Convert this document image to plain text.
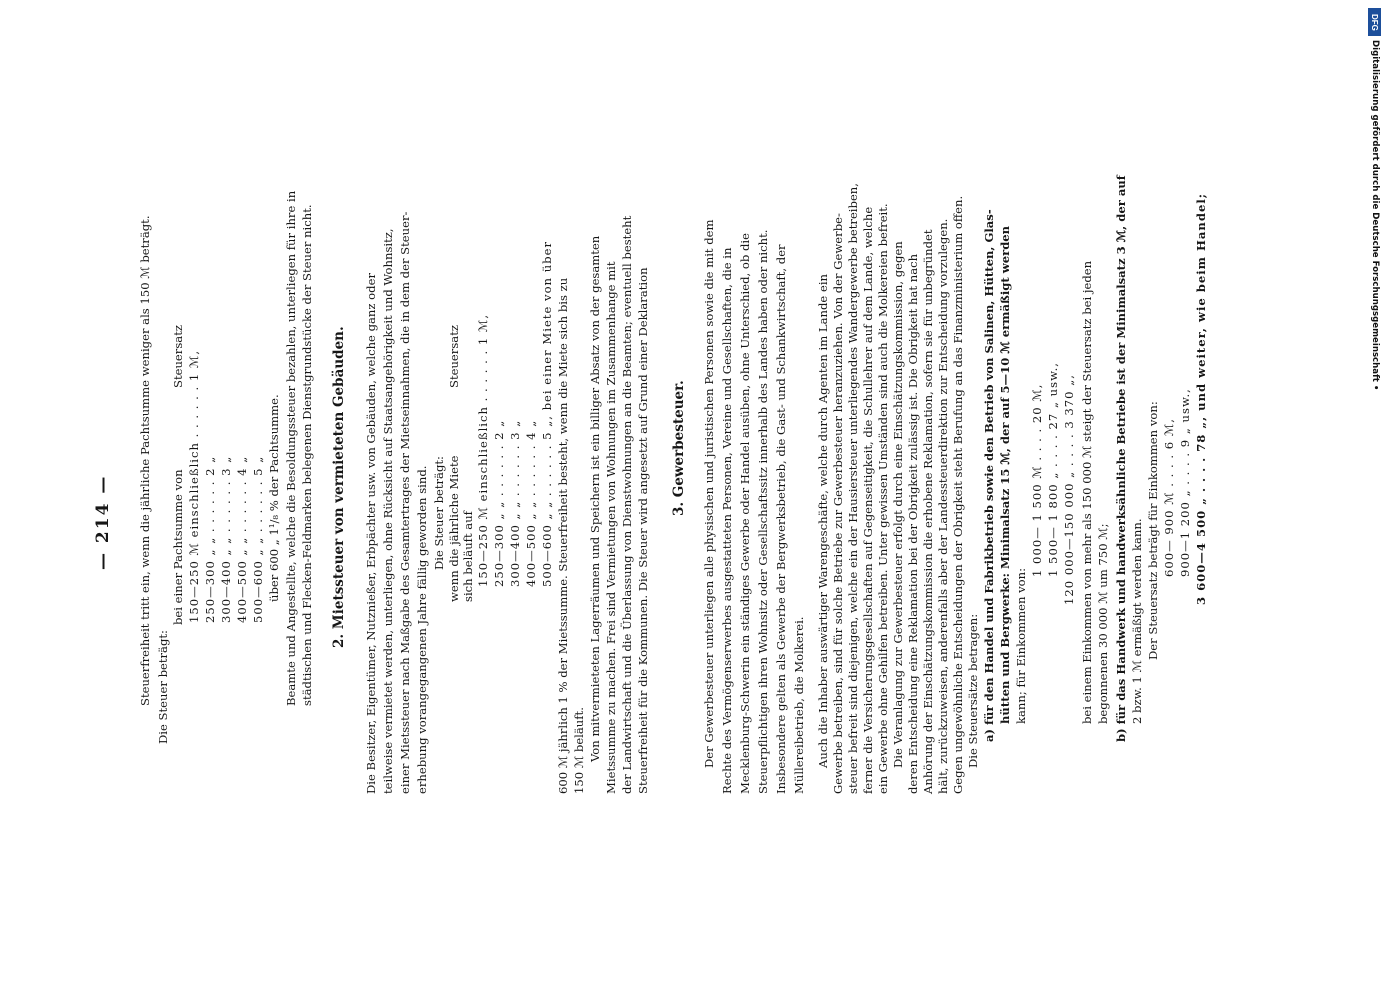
— 214 — Steuerfreiheit tritt ein, wenn die jährliche Pachtsumme weniger als 150 ℳ beträgt. Die Steuer beträgt:
bei einer Pachtsumme von
Steuersatz 150—250 ℳ einschließlich . . . . . . 1 ℳ, 250—300 „ „ . . . . . . 2 „ 300—400 „ „ . . . . . . 3 „ 400—500 „ „ . . . . . . 4 „ 500—600 „ „ . . . . . . 5 „ über 600 „ 1¹/₈ % der Pachtsumme. Beamte und Angestellte, welche die Besoldungssteuer bezahlen, unterliegen für ihre in städtischen und Flecken-Feldmarken belegenen Dienstgrundstücke der Steuer nicht. 2. Mietssteuer von vermieteten Gebäuden. Die Besitzer, Eigentümer, Nutznießer, Erbpächter usw. von Gebäuden, welche ganz oder teilweise vermietet werden, unterliegen, ohne Rücksicht auf Staatsangehörigkeit und Wohnsitz, einer Mietssteuer nach Maßgabe des Gesamtertrages der Mietseinnahmen, die in dem der Steuer- erhebung vorangegangenen Jahre fällig geworden sind. Die Steuer beträgt: wenn die jährliche Miete sich beläuft auf
Steuersatz 150—250 ℳ einschließlich . . . . . . 1 ℳ, 250—300 „ „ . . . . . . 2 „ 300—400 „ „ . . . . . . 3 „ 400—500 „ „ . . . . . . 4 „ 500—600 „ „ . . . . . . 5 „, bei einer Miete von über 600 ℳ jährlich 1 % der Mietssumme. Steuerfreiheit besteht, wenn die Miete sich bis zu 150 ℳ beläuft. Von mitvermieteten Lagerräumen und Speichern ist ein billiger Absatz von der gesamten Mietssumme zu machen. Frei sind Vermietungen von Wohnungen im Zusammenhange mit der Landwirtschaft und die Überlassung von Dienstwohnungen an die Beamten; eventuell besteht Steuerfreiheit für die Kommunen. Die Steuer wird angesetzt auf Grund einer Deklaration 3. Gewerbesteuer. Der Gewerbesteuer unterliegen alle physischen und juristischen Personen sowie die mit dem Rechte des Vermögenserwerbes ausgestatteten Personen, Vereine und Gesellschaften, die in Mecklenburg-Schwerin ein ständiges Gewerbe oder Handel ausüben, ohne Unterschied, ob die Steuerpflichtigen ihren Wohnsitz oder Gesellschaftssitz innerhalb des Landes haben oder nicht. Insbesondere gelten als Gewerbe der Bergwerksbetrieb, die Gast- und Schankwirtschaft, der Müllereibetrieb, die Molkerei. Auch die Inhaber auswärtiger Warengeschäfte, welche durch Agenten im Lande ein Gewerbe betreiben, sind für solche Betriebe zur Gewerbesteuer heranzuziehen. Von der Gewerbe- steuer befreit sind diejenigen, welche ein der Hausiersteuer unterliegendes Wandergewerbe betreiben, ferner die Versicherungsgesellschaften auf Gegenseitigkeit, die Schullehrer auf dem Lande, welche ein Gewerbe ohne Gehilfen betreiben. Unter gewissen Umständen sind auch die Molkereien befreit. Die Veranlagung zur Gewerbesteuer erfolgt durch eine Einschätzungskommission, gegen deren Entscheidung eine Reklamation bei der Obrigkeit zulässig ist. Die Obrigkeit hat nach Anhörung der Einschätzungskommission die erhobene Reklamation, sofern sie für unbegründet hält, zurückzuweisen, anderenfalls aber der Landessteuerdirektion zur Entscheidung vorzulegen. Gegen ungewöhnliche Entscheidungen der Obrigkeit steht Berufung an das Finanzministerium offen. Die Steuersätze betragen: a) für den Handel und Fabrikbetrieb sowie den Betrieb von Salinen, Hütten, Glas- hütten und Bergwerke: Minimalsatz 15 ℳ, der auf 5—10 ℳ ermäßigt werden kann; für Einkommen von:
1 000— 1 500 ℳ . . . . 20 ℳ, 1 500— 1 800 „ . . . . 27 „ usw., 120 000—150 000 „ . . . . 3 370 „, bei einem Einkommen von mehr als 150 000 ℳ steigt der Steuersatz bei jeden begonnenen 30 000 ℳ um 750 ℳ; b) für das Handwerk und handwerksähnliche Betriebe ist der Minimalsatz 3 ℳ, der auf 2 bzw. 1 ℳ ermäßigt werden kann. Der Steuersatz beträgt für Einkommen von: 600— 900 ℳ . . . . 6 ℳ, 900—1 200 „ . . . . 9 „ usw., 3 600—4 500 „ . . . . 78 „, und weiter, wie beim Handel;
DFG
Digitalisierung gefördert durch die Deutsche Forschungsgemeinschaft •
